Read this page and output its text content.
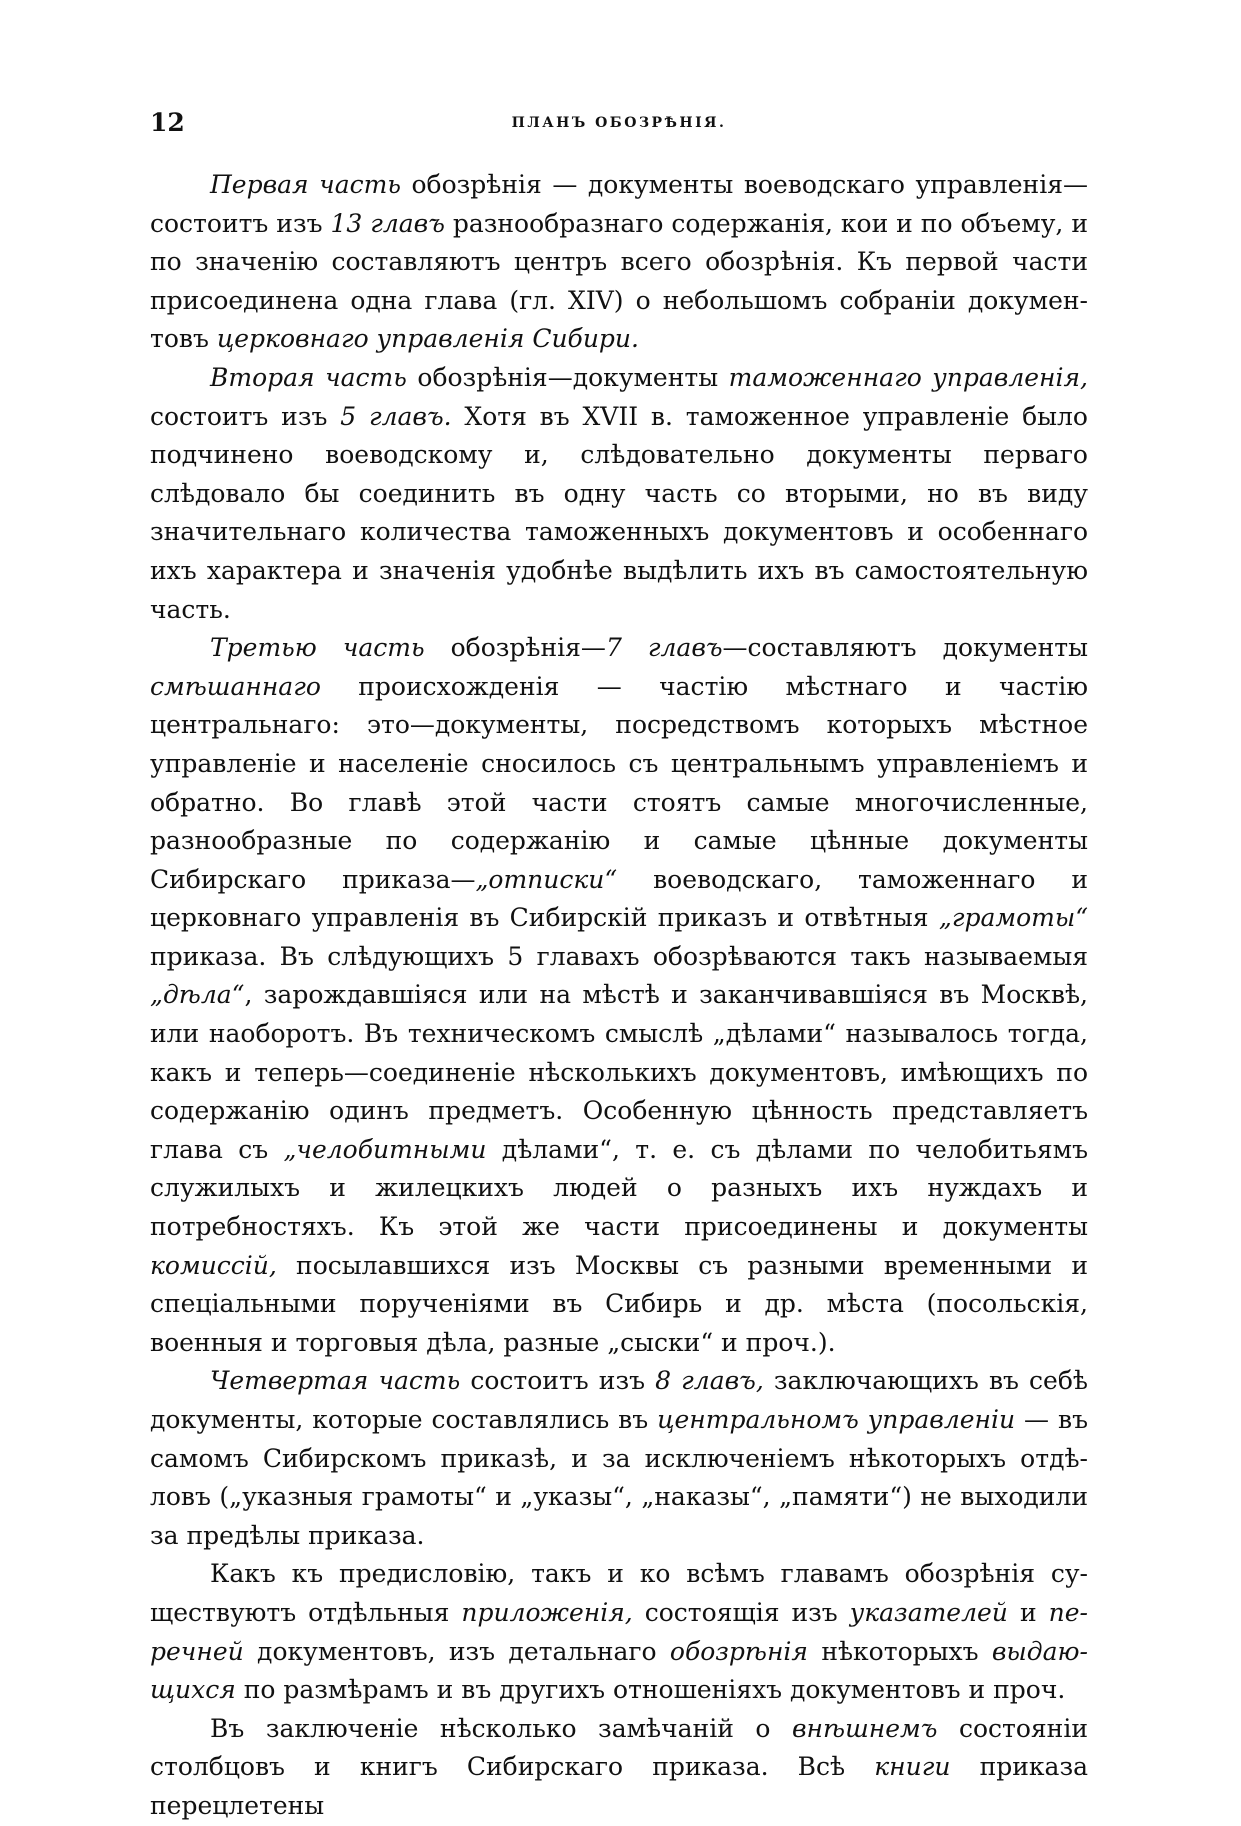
12	ПЛАНЪ ОБОЗРѢНІЯ.

Первая часть обозрѣнія — документы воеводскаго управленія— состоитъ изъ 13 главъ разнообразнаго содержанія, кои и по объему, и по значенію составляютъ центръ всего обозрѣнія. Къ первой части присоединена одна глава (гл. XIV) о небольшомъ собраніи документовъ церковнаго управленія Сибири.

Вторая часть обозрѣнія—документы таможеннаго управленія, состоитъ изъ 5 главъ. Хотя въ XVII в. таможенное управленіе было подчинено воеводскому и, слѣдовательно документы перваго слѣдовало бы соединить въ одну часть со вторыми, но въ виду значительнаго количества таможенныхъ документовъ и особеннаго ихъ характера и значенія удобнѣе выдѣлить ихъ въ самостоятельную часть.

Третью часть обозрѣнія—7 главъ—составляютъ документы смѣшаннаго происхожденія — частію мѣстнаго и частію центральнаго: это—документы, посредствомъ которыхъ мѣстное управленіе и населеніе сносилось съ центральнымъ управленіемъ и обратно. Во главѣ этой части стоятъ самые многочисленные, разнообразные по содержанію и самые цѣнные документы Сибирскаго приказа—„отписки“ воеводскаго, таможеннаго и церковнаго управленія въ Сибирскій приказъ и отвѣтныя „грамоты“ приказа. Въ слѣдующихъ 5 главахъ обозрѣваются такъ называемыя „дѣла“, зарождавшіяся или на мѣстѣ и заканчивавшіяся въ Москвѣ, или наоборотъ. Въ техническомъ смыслѣ „дѣлами“ называлось тогда, какъ и теперь—соединеніе нѣсколькихъ документовъ, имѣющихъ по содержанію одинъ предметъ. Особенную цѣнность представляетъ глава съ „челобитными дѣлами“, т. е. съ дѣлами по челобитьямъ служилыхъ и жилецкихъ людей о разныхъ ихъ нуждахъ и потребностяхъ. Къ этой же части присоединены и документы комиссій, посылавшихся изъ Москвы съ разными временными и спеціальными порученіями въ Сибирь и др. мѣста (посольскія, военныя и торговыя дѣла, разные „сыски“ и проч.).

Четвертая часть состоитъ изъ 8 главъ, заключающихъ въ себѣ документы, которые составлялись въ центральномъ управленіи — въ самомъ Сибирскомъ приказѣ, и за исключеніемъ нѣкоторыхъ отдѣловъ („указныя грамоты“ и „указы“, „наказы“, „памяти“) не выходили за предѣлы приказа.

Какъ къ предисловію, такъ и ко всѣмъ главамъ обозрѣнія существуютъ отдѣльныя приложенія, состоящія изъ указателей и перечней документовъ, изъ детальнаго обозрѣнія нѣкоторыхъ выдающихся по размѣрамъ и въ другихъ отношеніяхъ документовъ и проч.

Въ заключеніе нѣсколько замѣчаній о внѣшнемъ состояніи столбцовъ и книгъ Сибирскаго приказа. Всѣ книги приказа перецлетены
